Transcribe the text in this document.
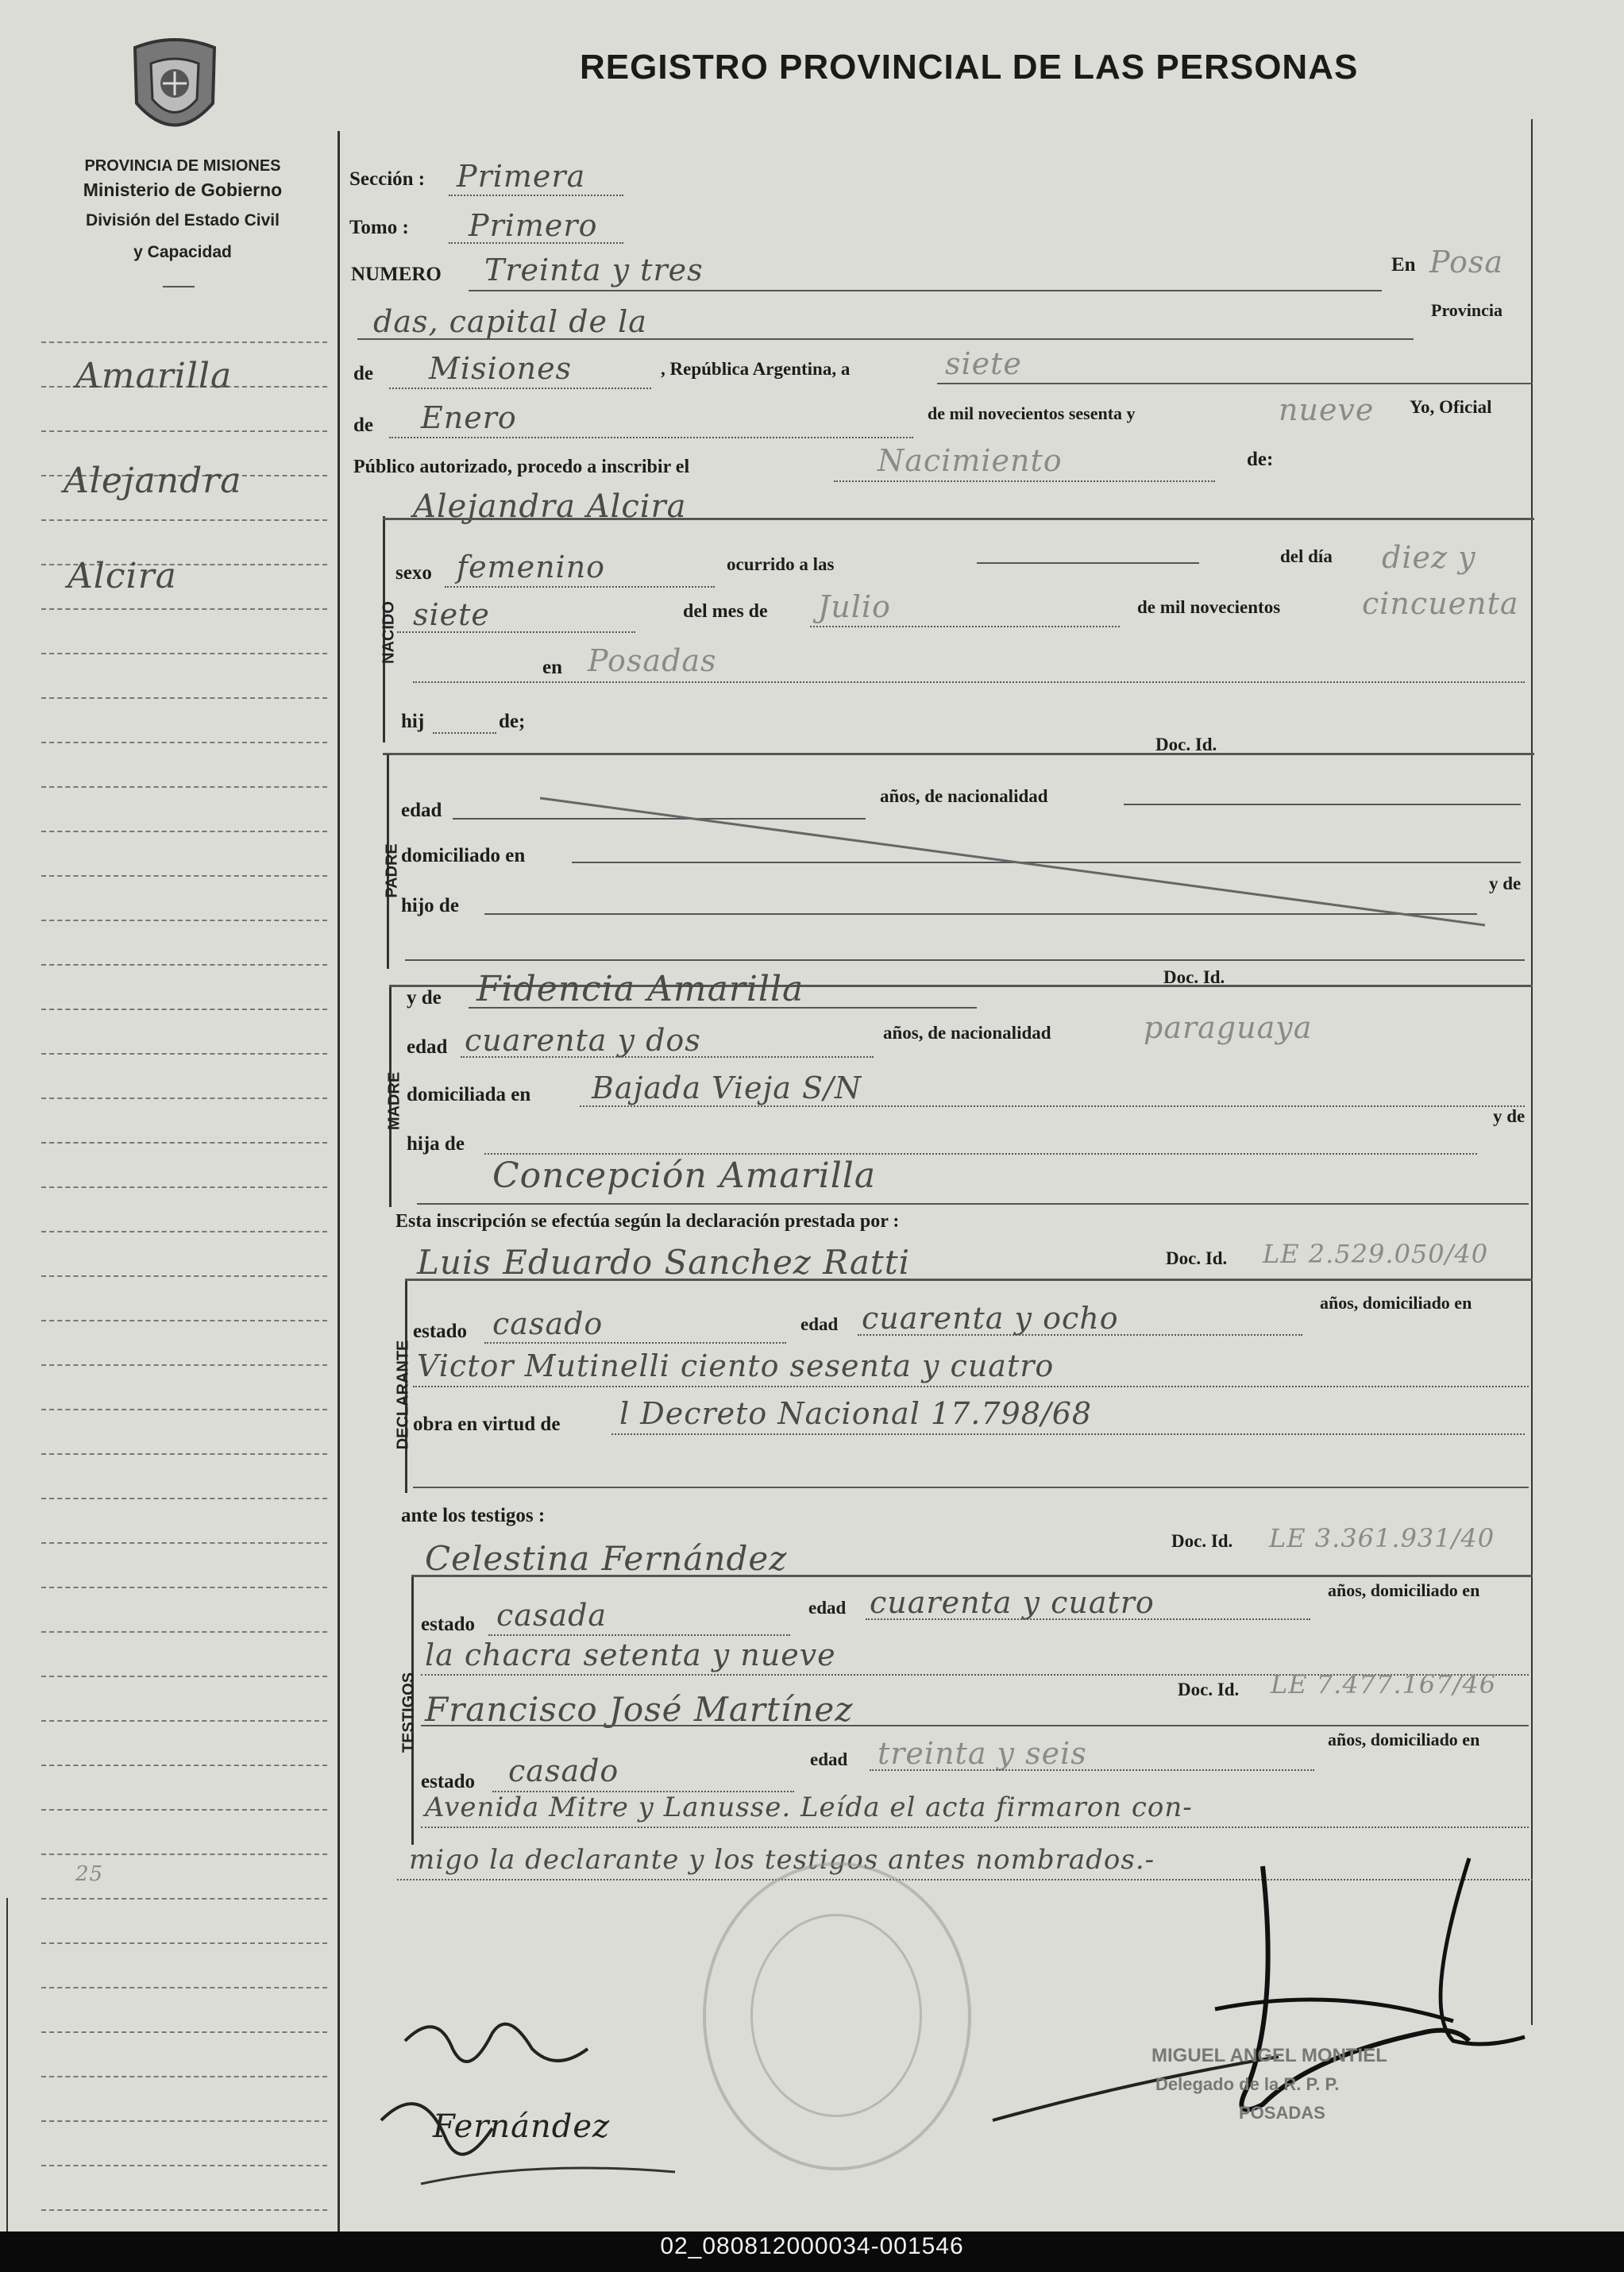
PROVINCIA DE MISIONES
Ministerio de Gobierno
División del Estado Civil
y Capacidad
REGISTRO PROVINCIAL DE LAS PERSONAS
Amarilla
Alejandra
Alcira
25
Sección : Primera
Tomo : Primero
NUMERO Treinta y tres	En Posa
das, capital de la	Provincia
de Misiones	, República Argentina, a	siete
de Enero	de mil novecientos sesenta y	nueve Yo, Oficial
Público autorizado, procedo a inscribir el	Nacimiento	de:
NACIDO
Alejandra Alcira
sexo femenino	ocurrido a las	del día diez y
siete	del mes de Julio	de mil novecientos	cincuenta
en Posadas
hij	de;
Doc. Id.
PADRE
edad
años, de nacionalidad
domiciliado en
hijo de
y de
MADRE
y de Fidencia Amarilla	Doc. Id.
edad cuarenta y dos	años, de nacionalidad	paraguaya
domiciliada en Bajada Vieja S/N
hija de
y de
Concepción Amarilla
Esta inscripción se efectúa según la declaración prestada por :
DECLARANTE
Luis Eduardo Sanchez Ratti	Doc. Id. LE 2.529.050/40
estado casado	edad cuarenta y ocho	años, domiciliado en
Victor Mutinelli ciento sesenta y cuatro
obra en virtud de l Decreto Nacional 17.798/68
ante los testigos :
TESTIGOS
Celestina Fernández	Doc. Id. LE 3.361.931/40
estado casada	edad cuarenta y cuatro	años, domiciliado en
la chacra setenta y nueve
Francisco José Martínez
Doc. Id. LE 7.477.167/46
estado casado	edad treinta y seis	años, domiciliado en
Avenida Mitre y Lanusse. Leída el acta firmaron con-
migo la declarante y los testigos antes nombrados.-
Fernández
MIGUEL ANGEL MONTIEL
Delegado de la R. P. P.
POSADAS
02_080812000034-001546
